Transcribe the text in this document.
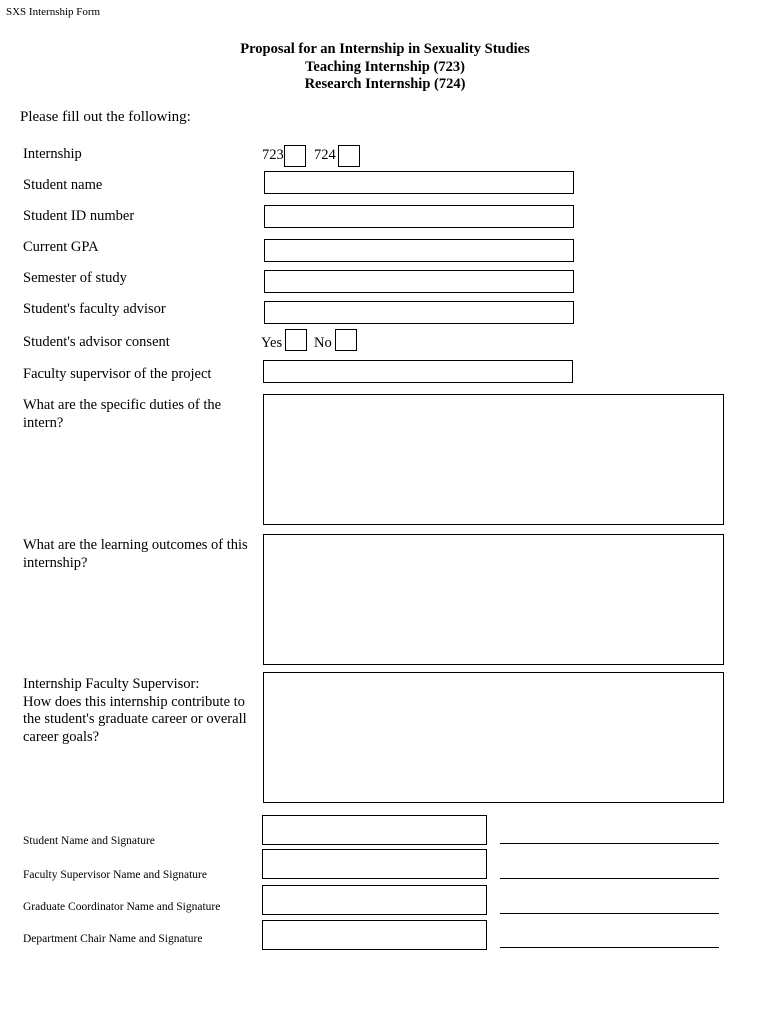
SXS Internship Form
Proposal for an Internship in Sexuality Studies
Teaching Internship (723)
Research Internship (724)
Please fill out the following:
Internship	723 724
Student name
Student ID number
Current GPA
Semester of study
Student's faculty advisor
Student's advisor consent	Yes No
Faculty supervisor of the project
What are the specific duties of the intern?
What are the learning outcomes of this internship?
Internship Faculty Supervisor:
How does this internship contribute to the student's graduate career or overall career goals?
Student Name and Signature
Faculty Supervisor Name and Signature
Graduate Coordinator Name and Signature
Department Chair Name and Signature
